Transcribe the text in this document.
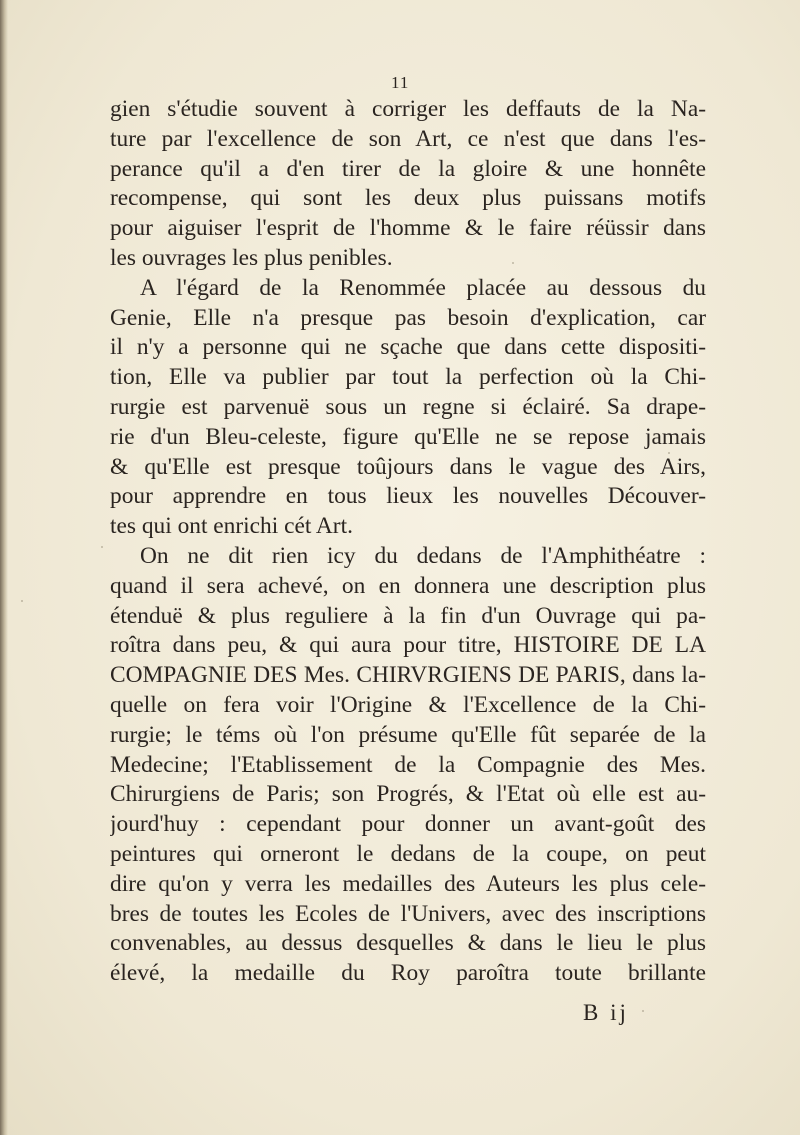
11
gien s'étudie souvent à corriger les deffauts de la Na-
ture par l'excellence de son Art, ce n'est que dans l'es-
perance qu'il a d'en tirer de la gloire & une honnête
recompense, qui sont les deux plus puissans motifs
pour aiguiser l'esprit de l'homme & le faire réüssir dans
les ouvrages les plus penibles.
A l'égard de la Renommée placée au dessous du
Genie, Elle n'a presque pas besoin d'explication, car
il n'y a personne qui ne sçache que dans cette dispositi-
tion, Elle va publier par tout la perfection où la Chi-
rurgie est parvenuë sous un regne si éclairé. Sa drape-
rie d'un Bleu-celeste, figure qu'Elle ne se repose jamais
& qu'Elle est presque toûjours dans le vague des Airs,
pour apprendre en tous lieux les nouvelles Découver-
tes qui ont enrichi cét Art.
On ne dit rien icy du dedans de l'Amphithéatre :
quand il sera achevé, on en donnera une description plus
étenduë & plus reguliere à la fin d'un Ouvrage qui pa-
roîtra dans peu, & qui aura pour titre, HISTOIRE DE LA
COMPAGNIE DES Mes. CHIRVRGIENS DE PARIS, dans la-
quelle on fera voir l'Origine & l'Excellence de la Chi-
rurgie; le téms où l'on présume qu'Elle fût separée de la
Medecine; l'Etablissement de la Compagnie des Mes.
Chirurgiens de Paris; son Progrés, & l'Etat où elle est au-
jourd'huy : cependant pour donner un avant-goût des
peintures qui orneront le dedans de la coupe, on peut
dire qu'on y verra les medailles des Auteurs les plus cele-
bres de toutes les Ecoles de l'Univers, avec des inscriptions
convenables, au dessus desquelles & dans le lieu le plus
élevé, la medaille du Roy paroîtra toute brillante
B ij
